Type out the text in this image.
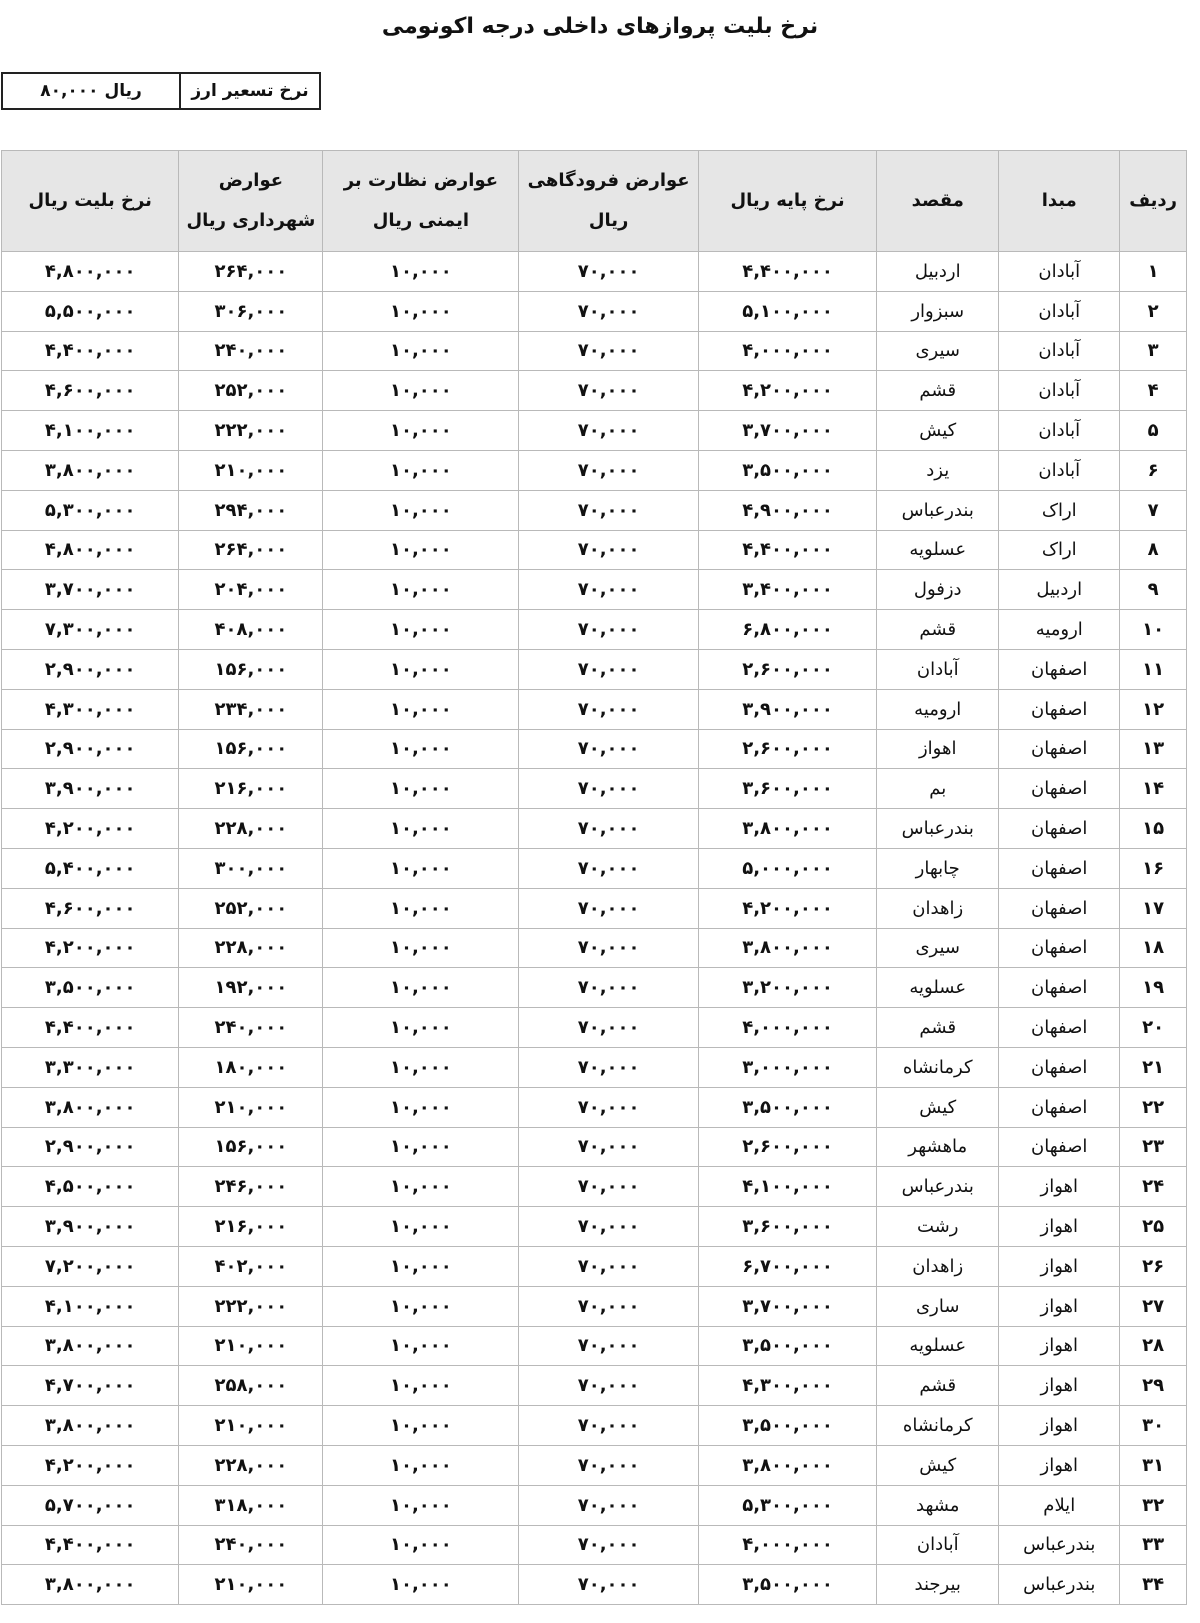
نرخ بلیت پروازهای داخلی درجه اکونومی
ریال ۸۰,۰۰۰	نرخ تسعیر ارز
ردیف	مبدا	مقصد	نرخ پایه ریال	عوارض فرودگاهی ریال	عوارض نظارت بر ایمنی ریال	عوارض شهرداری ریال	نرخ بلیت ریال
۱	آبادان	اردبیل	۴,۴۰۰,۰۰۰	۷۰,۰۰۰	۱۰,۰۰۰	۲۶۴,۰۰۰	۴,۸۰۰,۰۰۰
۲	آبادان	سبزوار	۵,۱۰۰,۰۰۰	۷۰,۰۰۰	۱۰,۰۰۰	۳۰۶,۰۰۰	۵,۵۰۰,۰۰۰
۳	آبادان	سیری	۴,۰۰۰,۰۰۰	۷۰,۰۰۰	۱۰,۰۰۰	۲۴۰,۰۰۰	۴,۴۰۰,۰۰۰
۴	آبادان	قشم	۴,۲۰۰,۰۰۰	۷۰,۰۰۰	۱۰,۰۰۰	۲۵۲,۰۰۰	۴,۶۰۰,۰۰۰
۵	آبادان	کیش	۳,۷۰۰,۰۰۰	۷۰,۰۰۰	۱۰,۰۰۰	۲۲۲,۰۰۰	۴,۱۰۰,۰۰۰
۶	آبادان	یزد	۳,۵۰۰,۰۰۰	۷۰,۰۰۰	۱۰,۰۰۰	۲۱۰,۰۰۰	۳,۸۰۰,۰۰۰
۷	اراک	بندرعباس	۴,۹۰۰,۰۰۰	۷۰,۰۰۰	۱۰,۰۰۰	۲۹۴,۰۰۰	۵,۳۰۰,۰۰۰
۸	اراک	عسلویه	۴,۴۰۰,۰۰۰	۷۰,۰۰۰	۱۰,۰۰۰	۲۶۴,۰۰۰	۴,۸۰۰,۰۰۰
۹	اردبیل	دزفول	۳,۴۰۰,۰۰۰	۷۰,۰۰۰	۱۰,۰۰۰	۲۰۴,۰۰۰	۳,۷۰۰,۰۰۰
۱۰	ارومیه	قشم	۶,۸۰۰,۰۰۰	۷۰,۰۰۰	۱۰,۰۰۰	۴۰۸,۰۰۰	۷,۳۰۰,۰۰۰
۱۱	اصفهان	آبادان	۲,۶۰۰,۰۰۰	۷۰,۰۰۰	۱۰,۰۰۰	۱۵۶,۰۰۰	۲,۹۰۰,۰۰۰
۱۲	اصفهان	ارومیه	۳,۹۰۰,۰۰۰	۷۰,۰۰۰	۱۰,۰۰۰	۲۳۴,۰۰۰	۴,۳۰۰,۰۰۰
۱۳	اصفهان	اهواز	۲,۶۰۰,۰۰۰	۷۰,۰۰۰	۱۰,۰۰۰	۱۵۶,۰۰۰	۲,۹۰۰,۰۰۰
۱۴	اصفهان	بم	۳,۶۰۰,۰۰۰	۷۰,۰۰۰	۱۰,۰۰۰	۲۱۶,۰۰۰	۳,۹۰۰,۰۰۰
۱۵	اصفهان	بندرعباس	۳,۸۰۰,۰۰۰	۷۰,۰۰۰	۱۰,۰۰۰	۲۲۸,۰۰۰	۴,۲۰۰,۰۰۰
۱۶	اصفهان	چابهار	۵,۰۰۰,۰۰۰	۷۰,۰۰۰	۱۰,۰۰۰	۳۰۰,۰۰۰	۵,۴۰۰,۰۰۰
۱۷	اصفهان	زاهدان	۴,۲۰۰,۰۰۰	۷۰,۰۰۰	۱۰,۰۰۰	۲۵۲,۰۰۰	۴,۶۰۰,۰۰۰
۱۸	اصفهان	سیری	۳,۸۰۰,۰۰۰	۷۰,۰۰۰	۱۰,۰۰۰	۲۲۸,۰۰۰	۴,۲۰۰,۰۰۰
۱۹	اصفهان	عسلویه	۳,۲۰۰,۰۰۰	۷۰,۰۰۰	۱۰,۰۰۰	۱۹۲,۰۰۰	۳,۵۰۰,۰۰۰
۲۰	اصفهان	قشم	۴,۰۰۰,۰۰۰	۷۰,۰۰۰	۱۰,۰۰۰	۲۴۰,۰۰۰	۴,۴۰۰,۰۰۰
۲۱	اصفهان	کرمانشاه	۳,۰۰۰,۰۰۰	۷۰,۰۰۰	۱۰,۰۰۰	۱۸۰,۰۰۰	۳,۳۰۰,۰۰۰
۲۲	اصفهان	کیش	۳,۵۰۰,۰۰۰	۷۰,۰۰۰	۱۰,۰۰۰	۲۱۰,۰۰۰	۳,۸۰۰,۰۰۰
۲۳	اصفهان	ماهشهر	۲,۶۰۰,۰۰۰	۷۰,۰۰۰	۱۰,۰۰۰	۱۵۶,۰۰۰	۲,۹۰۰,۰۰۰
۲۴	اهواز	بندرعباس	۴,۱۰۰,۰۰۰	۷۰,۰۰۰	۱۰,۰۰۰	۲۴۶,۰۰۰	۴,۵۰۰,۰۰۰
۲۵	اهواز	رشت	۳,۶۰۰,۰۰۰	۷۰,۰۰۰	۱۰,۰۰۰	۲۱۶,۰۰۰	۳,۹۰۰,۰۰۰
۲۶	اهواز	زاهدان	۶,۷۰۰,۰۰۰	۷۰,۰۰۰	۱۰,۰۰۰	۴۰۲,۰۰۰	۷,۲۰۰,۰۰۰
۲۷	اهواز	ساری	۳,۷۰۰,۰۰۰	۷۰,۰۰۰	۱۰,۰۰۰	۲۲۲,۰۰۰	۴,۱۰۰,۰۰۰
۲۸	اهواز	عسلویه	۳,۵۰۰,۰۰۰	۷۰,۰۰۰	۱۰,۰۰۰	۲۱۰,۰۰۰	۳,۸۰۰,۰۰۰
۲۹	اهواز	قشم	۴,۳۰۰,۰۰۰	۷۰,۰۰۰	۱۰,۰۰۰	۲۵۸,۰۰۰	۴,۷۰۰,۰۰۰
۳۰	اهواز	کرمانشاه	۳,۵۰۰,۰۰۰	۷۰,۰۰۰	۱۰,۰۰۰	۲۱۰,۰۰۰	۳,۸۰۰,۰۰۰
۳۱	اهواز	کیش	۳,۸۰۰,۰۰۰	۷۰,۰۰۰	۱۰,۰۰۰	۲۲۸,۰۰۰	۴,۲۰۰,۰۰۰
۳۲	ایلام	مشهد	۵,۳۰۰,۰۰۰	۷۰,۰۰۰	۱۰,۰۰۰	۳۱۸,۰۰۰	۵,۷۰۰,۰۰۰
۳۳	بندرعباس	آبادان	۴,۰۰۰,۰۰۰	۷۰,۰۰۰	۱۰,۰۰۰	۲۴۰,۰۰۰	۴,۴۰۰,۰۰۰
۳۴	بندرعباس	بیرجند	۳,۵۰۰,۰۰۰	۷۰,۰۰۰	۱۰,۰۰۰	۲۱۰,۰۰۰	۳,۸۰۰,۰۰۰
